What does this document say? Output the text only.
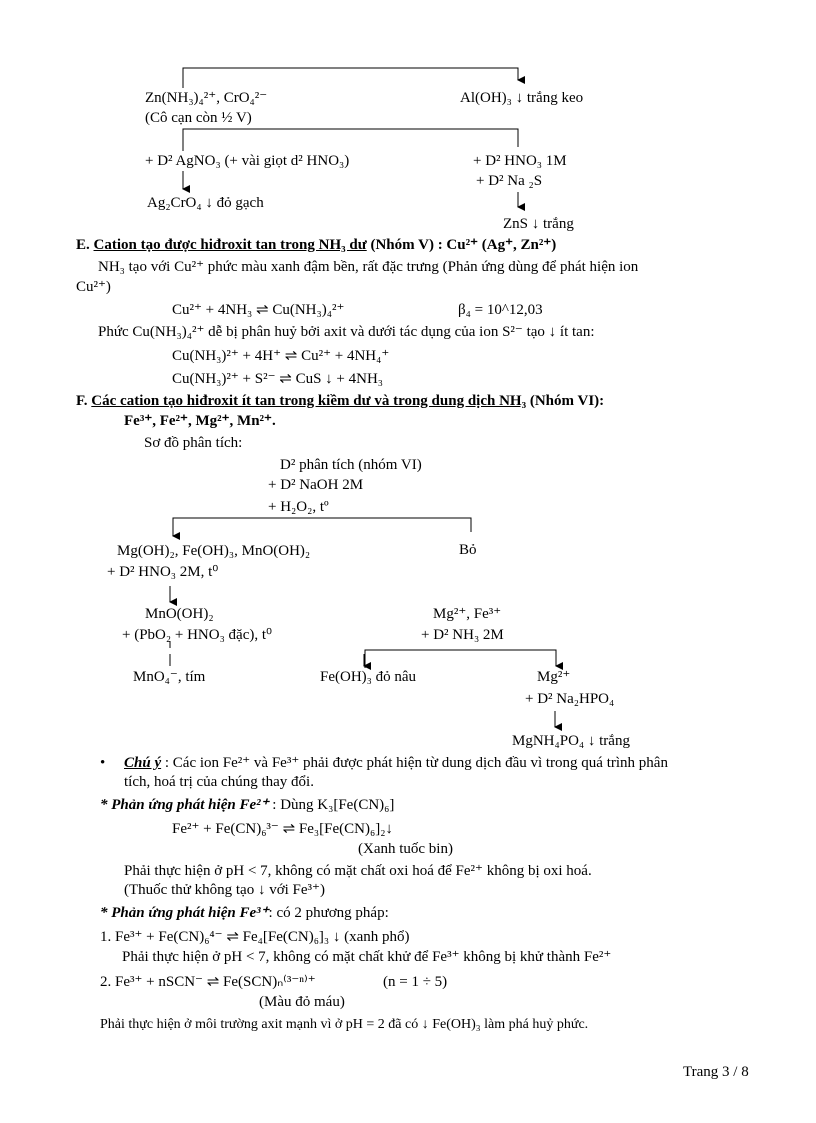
Zn(NH₃)₄²⁺, CrO₄²⁻
(Cô cạn còn ½ V)
Al(OH)₃ ↓ trắng keo
+ D² AgNO₃ (+ vài giọt d² HNO₃)
Ag₂CrO₄ ↓ đỏ gạch
+ D² HNO₃ 1M
+ D² Na ₂S
ZnS ↓ trắng
E. Cation tạo được hiđroxit tan trong NH₃ dư (Nhóm V) : Cu²⁺ (Ag⁺, Zn²⁺)
NH₃ tạo với Cu²⁺ phức màu xanh đậm bền, rất đặc trưng (Phản ứng dùng để phát hiện ion
Cu²⁺)
Cu²⁺ + 4NH₃ ⇌ Cu(NH₃)₄²⁺	β₄ = 10^12,03
Phức Cu(NH₃)₄²⁺ dễ bị phân huỷ bởi axit và dưới tác dụng của ion S²⁻ tạo ↓ ít tan:
Cu(NH₃)²⁺ + 4H⁺ ⇌ Cu²⁺ + 4NH₄⁺
Cu(NH₃)²⁺ + S²⁻ ⇌ CuS ↓ + 4NH₃
F. Các cation tạo hiđroxit ít tan trong kiềm dư và trong dung dịch NH₃ (Nhóm VI):
Fe³⁺, Fe²⁺, Mg²⁺, Mn²⁺.
Sơ đồ phân tích:
D² phân tích (nhóm VI)
+ D² NaOH 2M
+ H₂O₂, tº
Mg(OH)₂, Fe(OH)₃, MnO(OH)₂	Bỏ
+ D² HNO₃ 2M, t⁰
MnO(OH)₂
+ (PbO₂ + HNO₃ đặc), t⁰
MnO₄⁻, tím
Mg²⁺, Fe³⁺
+ D² NH₃ 2M
Fe(OH)₃ đỏ nâu	Mg²⁺
+ D² Na₂HPO₄
MgNH₄PO₄ ↓ trắng
• Chú ý : Các ion Fe²⁺ và Fe³⁺ phải được phát hiện từ dung dịch đầu vì trong quá trình phân
tích, hoá trị của chúng thay đổi.
* Phản ứng phát hiện Fe²⁺ : Dùng K₃[Fe(CN)₆]
Fe²⁺ + Fe(CN)₆³⁻ ⇌ Fe₃[Fe(CN)₆]₂↓
(Xanh tuốc bin)
Phải thực hiện ở pH < 7, không có mặt chất oxi hoá để Fe²⁺ không bị oxi hoá.
(Thuốc thử không tạo ↓ với Fe³⁺)
* Phản ứng phát hiện Fe³⁺: có 2 phương pháp:
1. Fe³⁺ + Fe(CN)₆⁴⁻ ⇌ Fe₄[Fe(CN)₆]₃ ↓ (xanh phổ)
Phải thực hiện ở pH < 7, không có mặt chất khử để Fe³⁺ không bị khử thành Fe²⁺
2. Fe³⁺ + nSCN⁻ ⇌ Fe(SCN)ₙ⁽³⁻ⁿ⁾⁺	(n = 1 ÷ 5)
(Màu đỏ máu)
Phải thực hiện ở môi trường axit mạnh vì ở pH = 2 đã có ↓ Fe(OH)₃ làm phá huỷ phức.
Trang 3 / 8
